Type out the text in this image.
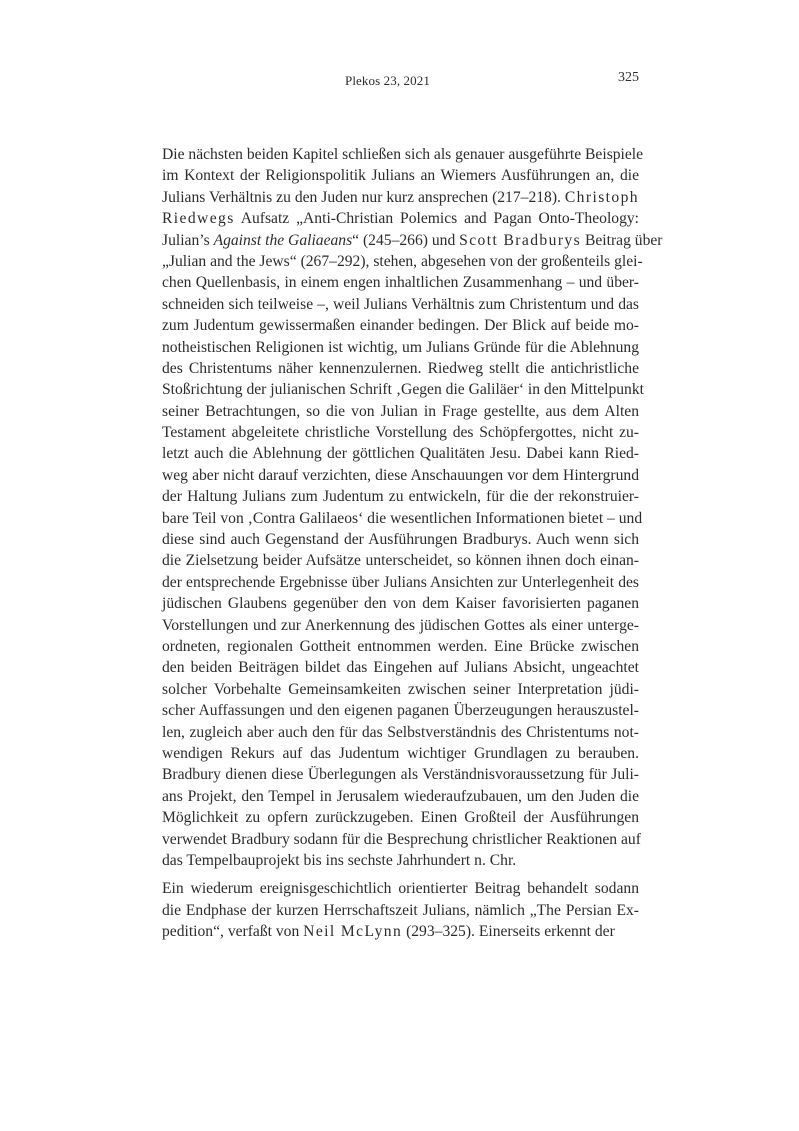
Plekos 23, 2021	325
Die nächsten beiden Kapitel schließen sich als genauer ausgeführte Beispiele
im Kontext der Religionspolitik Julians an Wiemers Ausführungen an, die
Julians Verhältnis zu den Juden nur kurz ansprechen (217–218). Christoph
Riedwegs Aufsatz „Anti-Christian Polemics and Pagan Onto-Theology:
Julian’s Against the Galiaeans“ (245–266) und Scott Bradburys Beitrag über
„Julian and the Jews“ (267–292), stehen, abgesehen von der großenteils glei-
chen Quellenbasis, in einem engen inhaltlichen Zusammenhang – und über-
schneiden sich teilweise –, weil Julians Verhältnis zum Christentum und das
zum Judentum gewissermaßen einander bedingen. Der Blick auf beide mo-
notheistischen Religionen ist wichtig, um Julians Gründe für die Ablehnung
des Christentums näher kennenzulernen. Riedweg stellt die antichristliche
Stoßrichtung der julianischen Schrift ‚Gegen die Galiläer‘ in den Mittelpunkt
seiner Betrachtungen, so die von Julian in Frage gestellte, aus dem Alten
Testament abgeleitete christliche Vorstellung des Schöpfergottes, nicht zu-
letzt auch die Ablehnung der göttlichen Qualitäten Jesu. Dabei kann Ried-
weg aber nicht darauf verzichten, diese Anschauungen vor dem Hintergrund
der Haltung Julians zum Judentum zu entwickeln, für die der rekonstruier-
bare Teil von ‚Contra Galilaeos‘ die wesentlichen Informationen bietet – und
diese sind auch Gegenstand der Ausführungen Bradburys. Auch wenn sich
die Zielsetzung beider Aufsätze unterscheidet, so können ihnen doch einan-
der entsprechende Ergebnisse über Julians Ansichten zur Unterlegenheit des
jüdischen Glaubens gegenüber den von dem Kaiser favorisierten paganen
Vorstellungen und zur Anerkennung des jüdischen Gottes als einer unterge-
ordneten, regionalen Gottheit entnommen werden. Eine Brücke zwischen
den beiden Beiträgen bildet das Eingehen auf Julians Absicht, ungeachtet
solcher Vorbehalte Gemeinsamkeiten zwischen seiner Interpretation jüdi-
scher Auffassungen und den eigenen paganen Überzeugungen herauszustel-
len, zugleich aber auch den für das Selbstverständnis des Christentums not-
wendigen Rekurs auf das Judentum wichtiger Grundlagen zu berauben.
Bradbury dienen diese Überlegungen als Verständnisvoraussetzung für Juli-
ans Projekt, den Tempel in Jerusalem wiederaufzubauen, um den Juden die
Möglichkeit zu opfern zurückzugeben. Einen Großteil der Ausführungen
verwendet Bradbury sodann für die Besprechung christlicher Reaktionen auf
das Tempelbauprojekt bis ins sechste Jahrhundert n. Chr.
Ein wiederum ereignisgeschichtlich orientierter Beitrag behandelt sodann
die Endphase der kurzen Herrschaftszeit Julians, nämlich „The Persian Ex-
pedition“, verfaßt von Neil McLynn (293–325). Einerseits erkennt der
